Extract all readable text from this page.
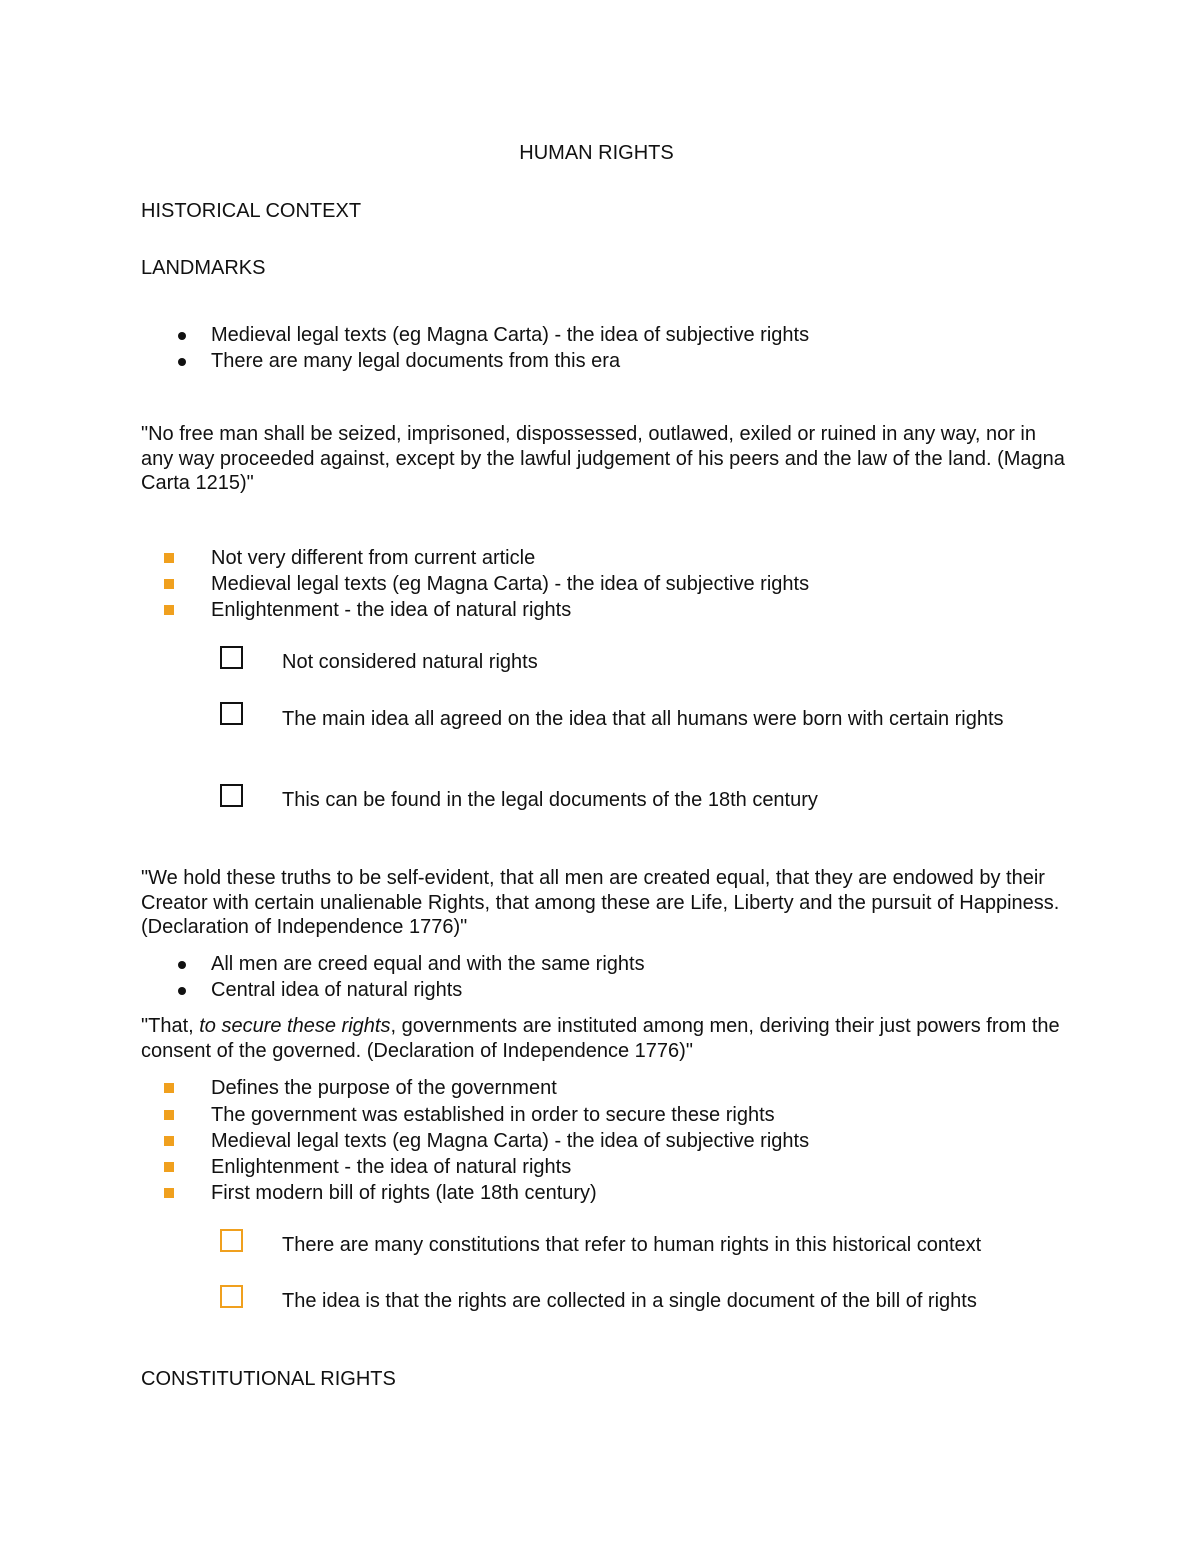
HUMAN RIGHTS
HISTORICAL CONTEXT
LANDMARKS
Medieval legal texts (eg Magna Carta) - the idea of subjective rights
There are many legal documents from this era
"No free man shall be seized, imprisoned, dispossessed, outlawed, exiled or ruined in any way, nor in any way proceeded against, except by the lawful judgement of his peers and the law of the land. (Magna Carta 1215)"
Not very different from current article
Medieval legal texts (eg Magna Carta) - the idea of subjective rights
Enlightenment - the idea of natural rights
Not considered natural rights
The main idea all agreed on the idea that all humans were born with certain rights
This can be found in the legal documents of the 18th century
"We hold these truths to be self-evident, that all men are created equal, that they are endowed by their Creator with certain unalienable Rights, that among these are Life, Liberty and the pursuit of Happiness. (Declaration of Independence 1776)"
All men are creed equal and with the same rights
Central idea of natural rights
"That, to secure these rights, governments are instituted among men, deriving their just powers from the consent of the governed. (Declaration of Independence 1776)"
Defines the purpose of the government
The government was established in order to secure these rights
Medieval legal texts (eg Magna Carta) - the idea of subjective rights
Enlightenment - the idea of natural rights
First modern bill of rights (late 18th century)
There are many constitutions that refer to human rights in this historical context
The idea is that the rights are collected in a single document of the bill of rights
CONSTITUTIONAL RIGHTS
